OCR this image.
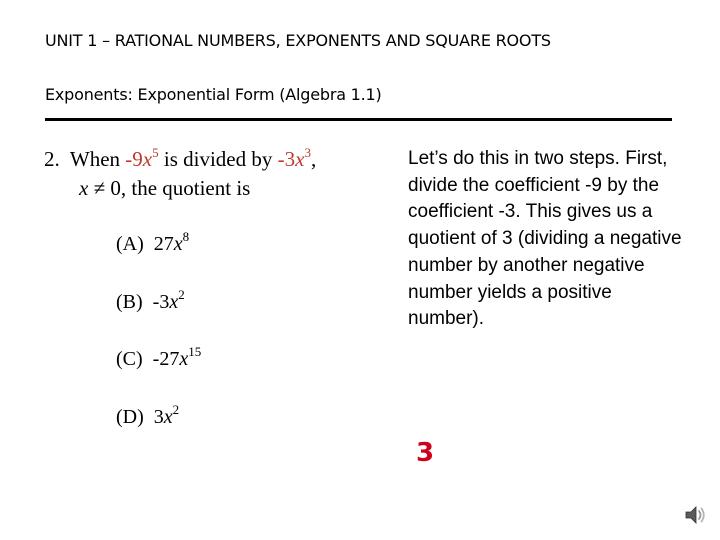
UNIT 1 – RATIONAL NUMBERS, EXPONENTS AND SQUARE ROOTS
Exponents: Exponential Form (Algebra 1.1)
2. When $-9x^5$ is divided by $-3x^3$,
x ≠ 0, the quotient is
(A) $27x^8$
(B) $-3x^2$
(C) $-27x^{15}$
(D) $3x^2$
Let’s do this in two steps. First, divide the coefficient -9 by the coefficient -3. This gives us a quotient of 3 (dividing a negative number by another negative number yields a positive number).
3
